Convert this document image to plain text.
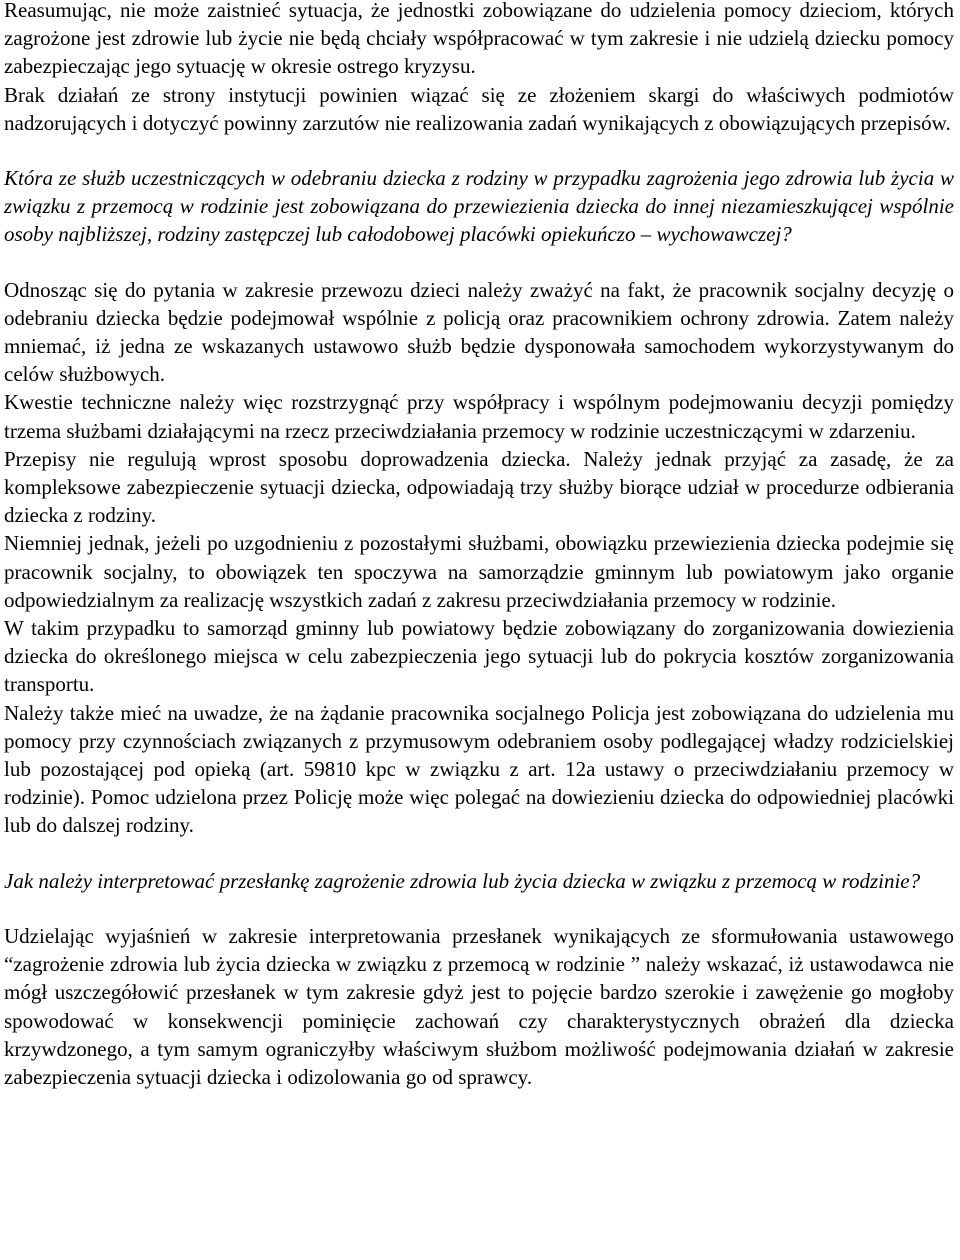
Reasumując, nie może zaistnieć sytuacja, że jednostki zobowiązane do udzielenia pomocy dzieciom, których zagrożone jest zdrowie lub życie nie będą chciały współpracować w tym zakresie i nie udzielą dziecku pomocy zabezpieczając jego sytuację w okresie ostrego kryzysu.

Brak działań ze strony instytucji powinien wiązać się ze złożeniem skargi do właściwych podmiotów nadzorujących i dotyczyć powinny zarzutów nie realizowania zadań wynikających z obowiązujących przepisów.

Która ze służb uczestniczących w odebraniu dziecka z rodziny w przypadku zagrożenia jego zdrowia lub życia w związku z przemocą w rodzinie jest zobowiązana do przewiezienia dziecka do innej niezamieszkującej wspólnie osoby najbliższej, rodziny zastępczej lub całodobowej placówki opiekuńczo – wychowawczej?

Odnosząc się do pytania w zakresie przewozu dzieci należy zważyć na fakt, że pracownik socjalny decyzję o odebraniu dziecka będzie podejmował wspólnie z policją oraz pracownikiem ochrony zdrowia. Zatem należy mniemać, iż jedna ze wskazanych ustawowo służb będzie dysponowała samochodem wykorzystywanym do celów służbowych.

Kwestie techniczne należy więc rozstrzygnąć przy współpracy i wspólnym podejmowaniu decyzji pomiędzy trzema służbami działającymi na rzecz przeciwdziałania przemocy w rodzinie uczestniczącymi w zdarzeniu.

Przepisy nie regulują wprost sposobu doprowadzenia dziecka. Należy jednak przyjąć za zasadę, że za kompleksowe zabezpieczenie sytuacji dziecka, odpowiadają trzy służby biorące udział w procedurze odbierania dziecka z rodziny.

Niemniej jednak, jeżeli po uzgodnieniu z pozostałymi służbami, obowiązku przewiezienia dziecka podejmie się pracownik socjalny, to obowiązek ten spoczywa na samorządzie gminnym lub powiatowym jako organie odpowiedzialnym za realizację wszystkich zadań z zakresu przeciwdziałania przemocy w rodzinie.

W takim przypadku to samorząd gminny lub powiatowy będzie zobowiązany do zorganizowania dowiezienia dziecka do określonego miejsca w celu zabezpieczenia jego sytuacji lub do pokrycia kosztów zorganizowania transportu.

Należy także mieć na uwadze, że na żądanie pracownika socjalnego Policja jest zobowiązana do udzielenia mu pomocy przy czynnościach związanych z przymusowym odebraniem osoby podlegającej władzy rodzicielskiej lub pozostającej pod opieką (art. 59810 kpc w związku z art. 12a ustawy o przeciwdziałaniu przemocy w rodzinie). Pomoc udzielona przez Policję może więc polegać na dowiezieniu dziecka do odpowiedniej placówki lub do dalszej rodziny.

Jak należy interpretować przesłankę zagrożenie zdrowia lub życia dziecka w związku z przemocą w rodzinie?

Udzielając wyjaśnień w zakresie interpretowania przesłanek wynikających ze sformułowania ustawowego “zagrożenie zdrowia lub życia dziecka w związku z przemocą w rodzinie ” należy wskazać, iż ustawodawca nie mógł uszczegółowić przesłanek w tym zakresie gdyż jest to pojęcie bardzo szerokie i zawężenie go mogłoby spowodować w konsekwencji pominięcie zachowań czy charakterystycznych obrażeń dla dziecka krzywdzonego, a tym samym ograniczyłby właściwym służbom możliwość podejmowania działań w zakresie zabezpieczenia sytuacji dziecka i odizolowania go od sprawcy.
